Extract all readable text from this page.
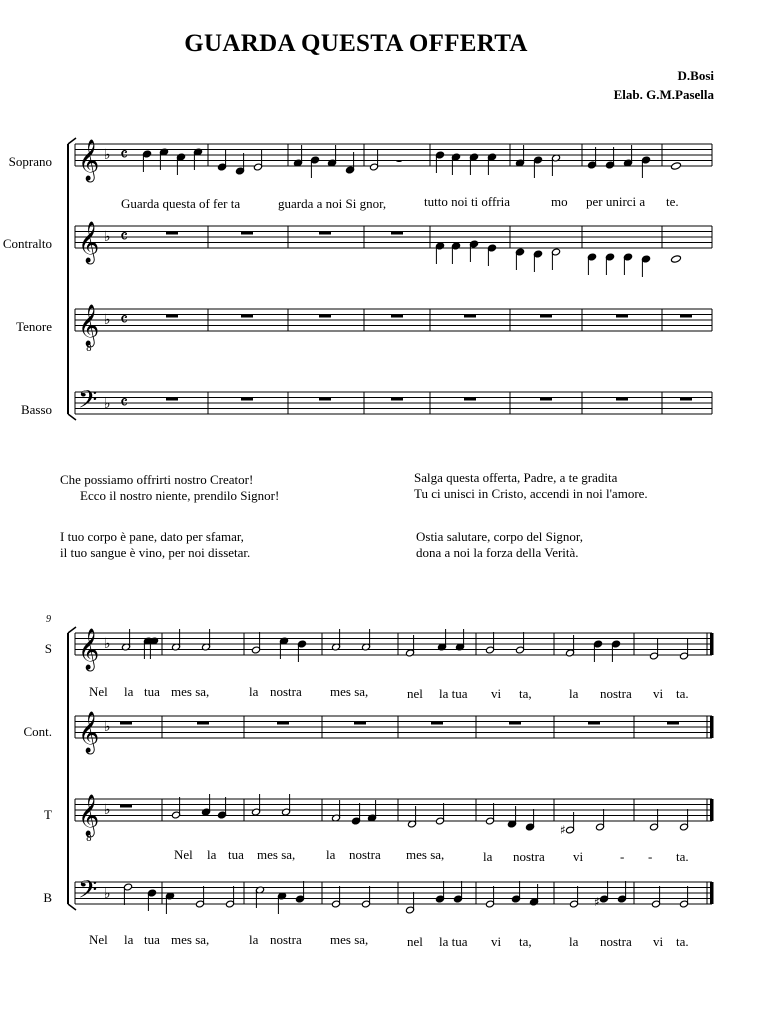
GUARDA QUESTA OFFERTA
D.Bosi
Elab. G.M.Pasella
Soprano
Contralto
Tenore
Basso
Guarda questa of fer ta	guarda a noi Si gnor,	tutto noi ti offria	mo per unirci a te.
Che possiamo offrirti nostro Creator!
Ecco il nostro niente, prendilo Signor!
Salga questa offerta, Padre, a te gradita
Tu ci unisci in Cristo, accendi in noi l'amore.
I tuo corpo è pane, dato per sfamar,
il tuo sangue è vino, per noi dissetar.
Ostia salutare, corpo del Signor,
dona a noi la forza della Verità.
9
S
Cont.
T
B
Nel la tua mes sa,	la nostra mes sa,	nel la tua vi ta,	la nostra vi ta.
Nel la tua mes sa, la nostra mes sa,	la nostra vi	- - ta.
Nel la tua mes sa,	la nostra mes sa,	nel la tua vi ta,	la nostra vi ta.
𝄞 ♭ 𝄴
𝄞 ♭ 𝄴
𝄞
8
♭ 𝄴
𝄢 ♭ 𝄴
𝄼
𝄞 ♭
𝄞 ♭
𝄞
8
♭
𝄢 ♭
♯
♯
